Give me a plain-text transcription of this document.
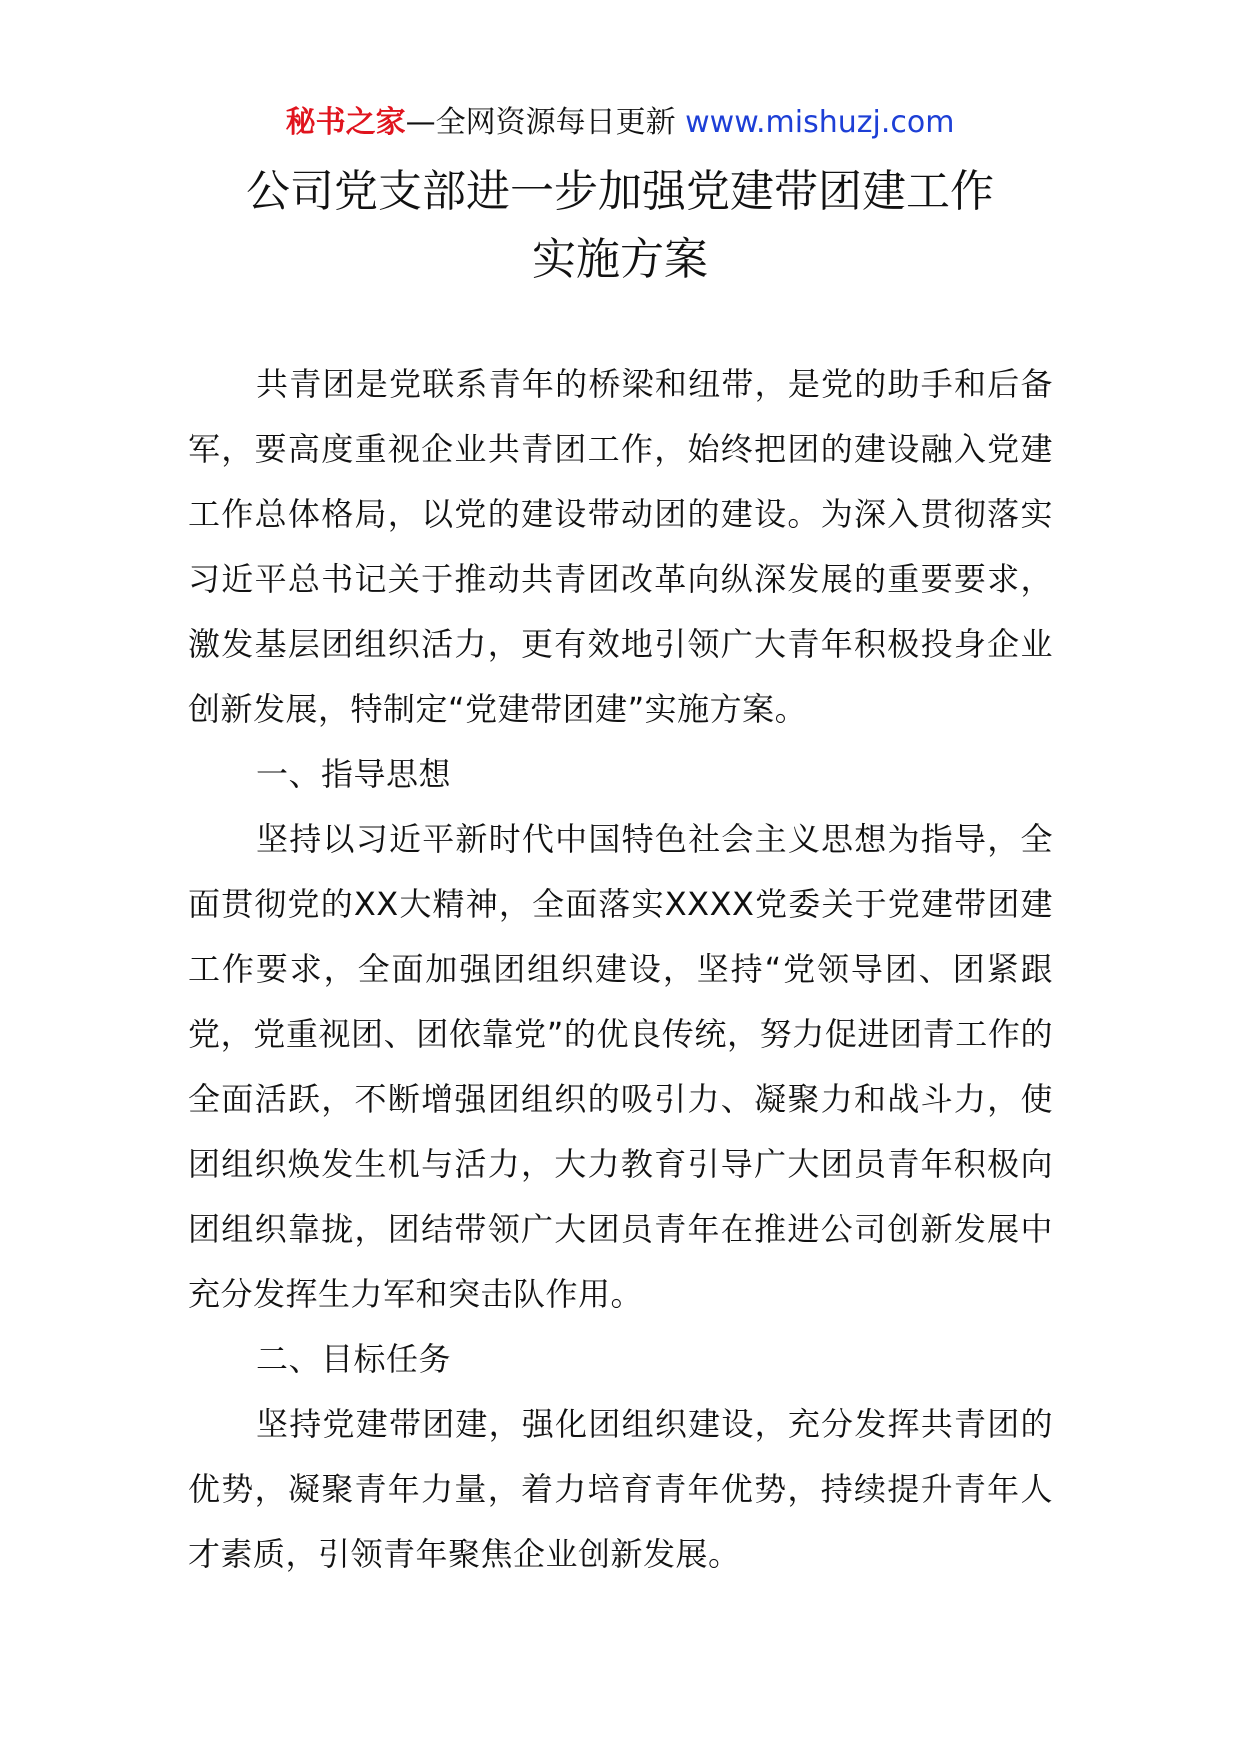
秘书之家—全网资源每日更新 www.mishuzj.com
公司党支部进一步加强党建带团建工作
实施方案

共青团是党联系青年的桥梁和纽带，是党的助手和后备军，要高度重视企业共青团工作，始终把团的建设融入党建工作总体格局，以党的建设带动团的建设。为深入贯彻落实习近平总书记关于推动共青团改革向纵深发展的重要要求，激发基层团组织活力，更有效地引领广大青年积极投身企业创新发展，特制定“党建带团建”实施方案。

一、指导思想

坚持以习近平新时代中国特色社会主义思想为指导，全面贯彻党的XX大精神，全面落实XXXX党委关于党建带团建工作要求，全面加强团组织建设，坚持“党领导团、团紧跟党，党重视团、团依靠党”的优良传统，努力促进团青工作的全面活跃，不断增强团组织的吸引力、凝聚力和战斗力，使团组织焕发生机与活力，大力教育引导广大团员青年积极向团组织靠拢，团结带领广大团员青年在推进公司创新发展中充分发挥生力军和突击队作用。

二、目标任务

坚持党建带团建，强化团组织建设，充分发挥共青团的优势，凝聚青年力量，着力培育青年优势，持续提升青年人才素质，引领青年聚焦企业创新发展。
